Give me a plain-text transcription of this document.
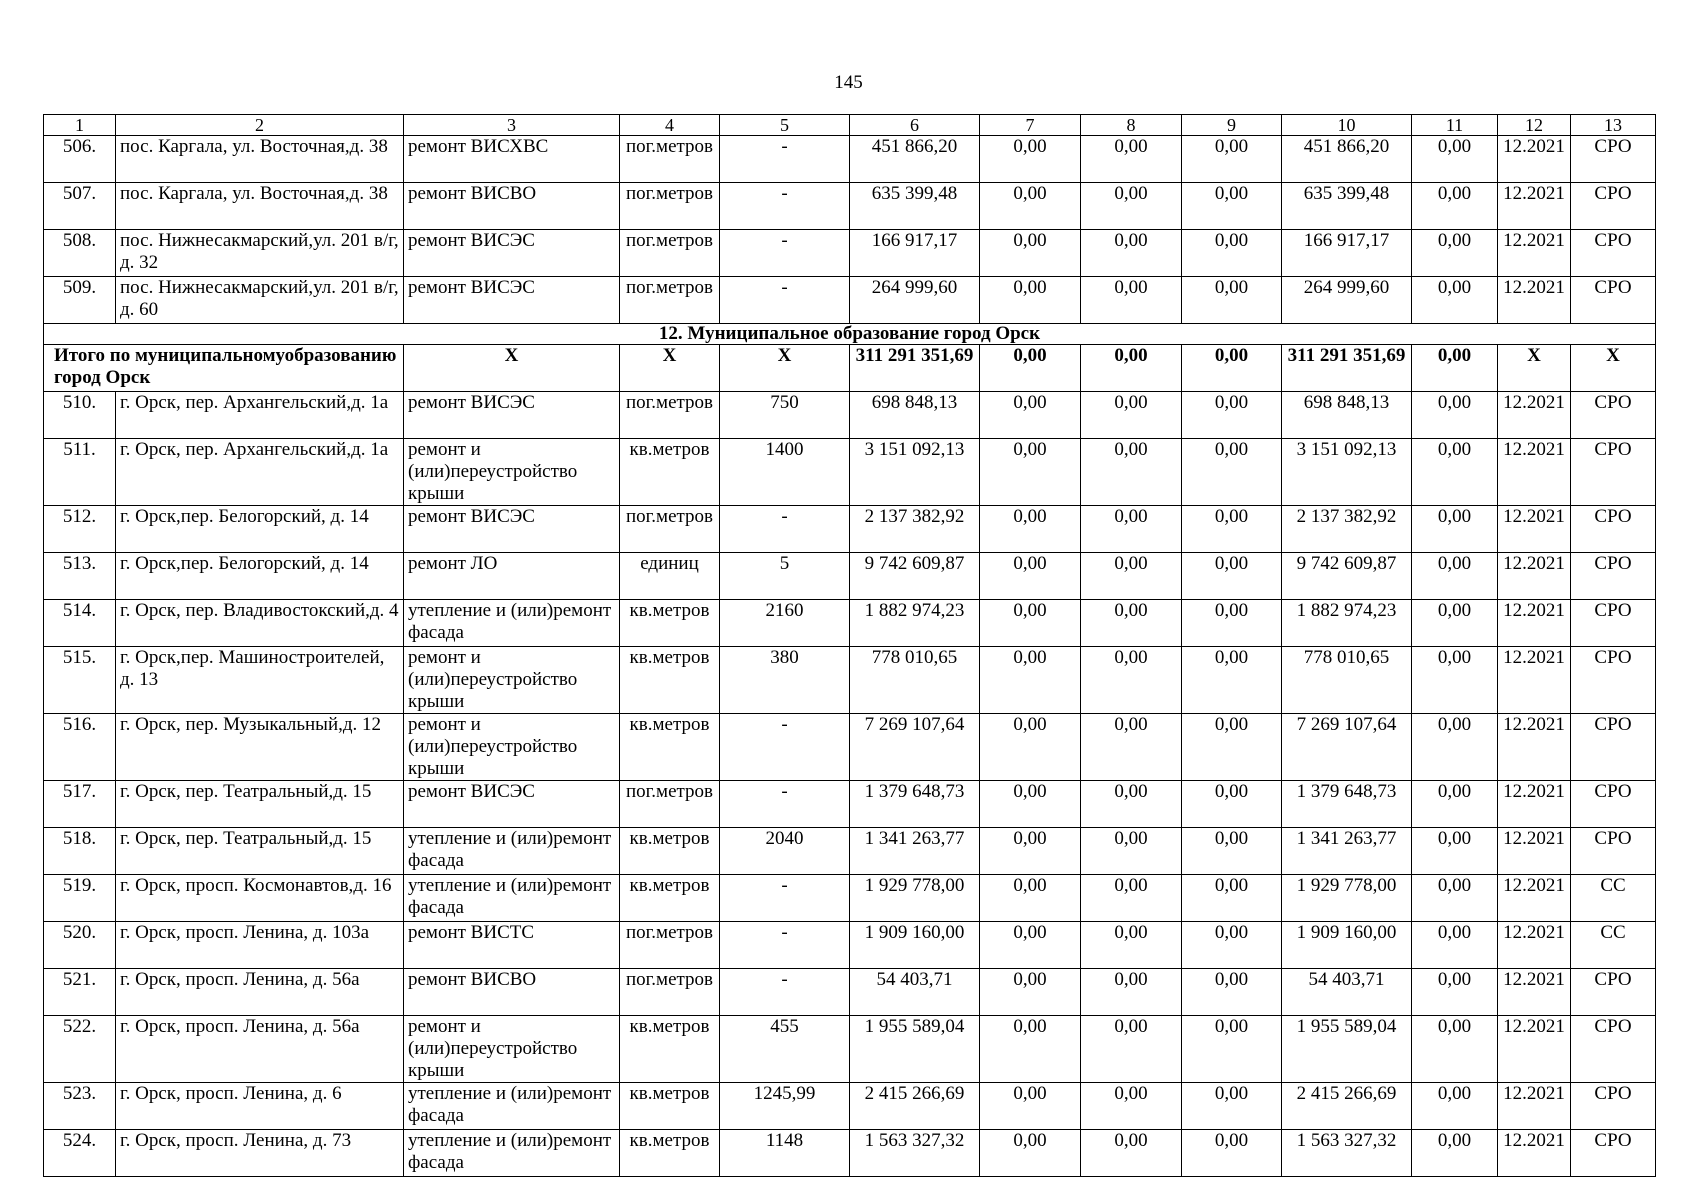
145
1	2	3	4	5	6	7	8	9	10	11	12	13
506.	пос. Каргала, ул. Восточная,д. 38	ремонт ВИСХВС	пог.метров	-	451 866,20	0,00	0,00	0,00	451 866,20	0,00	12.2021	СРО
507.	пос. Каргала, ул. Восточная,д. 38	ремонт ВИСВО	пог.метров	-	635 399,48	0,00	0,00	0,00	635 399,48	0,00	12.2021	СРО
508.	пос. Нижнесакмарский,ул. 201 в/г, д. 32	ремонт ВИСЭС	пог.метров	-	166 917,17	0,00	0,00	0,00	166 917,17	0,00	12.2021	СРО
509.	пос. Нижнесакмарский,ул. 201 в/г, д. 60	ремонт ВИСЭС	пог.метров	-	264 999,60	0,00	0,00	0,00	264 999,60	0,00	12.2021	СРО
12. Муниципальное образование город Орск												
Итого по муниципальномуобразованию город Орск		X	X	X	311 291 351,69	0,00	0,00	0,00	311 291 351,69	0,00	X	X
510.	г. Орск, пер. Архангельский,д. 1а	ремонт ВИСЭС	пог.метров	750	698 848,13	0,00	0,00	0,00	698 848,13	0,00	12.2021	СРО
511.	г. Орск, пер. Архангельский,д. 1а	ремонт и (или)переустройство крыши	кв.метров	1400	3 151 092,13	0,00	0,00	0,00	3 151 092,13	0,00	12.2021	СРО
512.	г. Орск,пер. Белогорский, д. 14	ремонт ВИСЭС	пог.метров	-	2 137 382,92	0,00	0,00	0,00	2 137 382,92	0,00	12.2021	СРО
513.	г. Орск,пер. Белогорский, д. 14	ремонт ЛО	единиц	5	9 742 609,87	0,00	0,00	0,00	9 742 609,87	0,00	12.2021	СРО
514.	г. Орск, пер. Владивостокский,д. 4	утепление и (или)ремонт фасада	кв.метров	2160	1 882 974,23	0,00	0,00	0,00	1 882 974,23	0,00	12.2021	СРО
515.	г. Орск,пер. Машиностроителей, д. 13	ремонт и (или)переустройство крыши	кв.метров	380	778 010,65	0,00	0,00	0,00	778 010,65	0,00	12.2021	СРО
516.	г. Орск, пер. Музыкальный,д. 12	ремонт и (или)переустройство крыши	кв.метров	-	7 269 107,64	0,00	0,00	0,00	7 269 107,64	0,00	12.2021	СРО
517.	г. Орск, пер. Театральный,д. 15	ремонт ВИСЭС	пог.метров	-	1 379 648,73	0,00	0,00	0,00	1 379 648,73	0,00	12.2021	СРО
518.	г. Орск, пер. Театральный,д. 15	утепление и (или)ремонт фасада	кв.метров	2040	1 341 263,77	0,00	0,00	0,00	1 341 263,77	0,00	12.2021	СРО
519.	г. Орск, просп. Космонавтов,д. 16	утепление и (или)ремонт фасада	кв.метров	-	1 929 778,00	0,00	0,00	0,00	1 929 778,00	0,00	12.2021	СС
520.	г. Орск, просп. Ленина, д. 103а	ремонт ВИСТС	пог.метров	-	1 909 160,00	0,00	0,00	0,00	1 909 160,00	0,00	12.2021	СС
521.	г. Орск, просп. Ленина, д. 56а	ремонт ВИСВО	пог.метров	-	54 403,71	0,00	0,00	0,00	54 403,71	0,00	12.2021	СРО
522.	г. Орск, просп. Ленина, д. 56а	ремонт и (или)переустройство крыши	кв.метров	455	1 955 589,04	0,00	0,00	0,00	1 955 589,04	0,00	12.2021	СРО
523.	г. Орск, просп. Ленина, д. 6	утепление и (или)ремонт фасада	кв.метров	1245,99	2 415 266,69	0,00	0,00	0,00	2 415 266,69	0,00	12.2021	СРО
524.	г. Орск, просп. Ленина, д. 73	утепление и (или)ремонт фасада	кв.метров	1148	1 563 327,32	0,00	0,00	0,00	1 563 327,32	0,00	12.2021	СРО
